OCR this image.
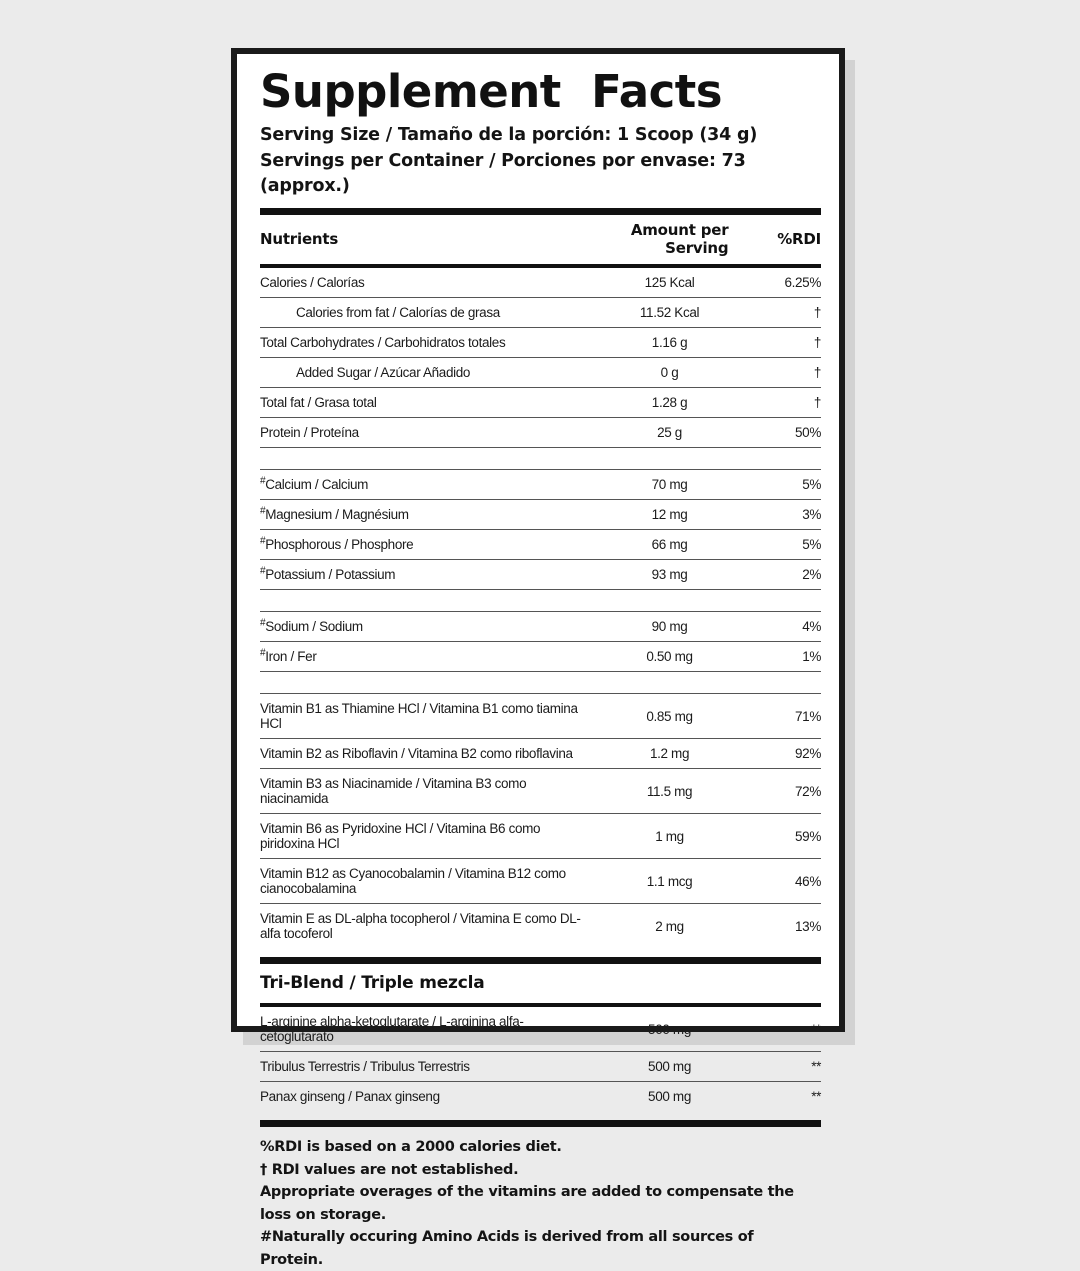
Supplement  Facts
Serving Size / Tamaño de la porción: 1 Scoop (34 g)
Servings per Container / Porciones por envase: 73 (approx.)
Nutrients	Amount per Serving	%RDI
Calories / Calorías	125 Kcal	6.25%
Calories from fat / Calorías de grasa	11.52 Kcal	†
Total Carbohydrates / Carbohidratos totales	1.16 g	†
Added Sugar / Azúcar Añadido	0 g	†
Total fat / Grasa total	1.28 g	†
Protein / Proteína	25 g	50%

#Calcium / Calcium	70 mg	5%
#Magnesium / Magnésium	12 mg	3%
#Phosphorous / Phosphore	66 mg	5%
#Potassium / Potassium	93 mg	2%

#Sodium / Sodium	90 mg	4%
#Iron / Fer	0.50 mg	1%

Vitamin B1 as Thiamine HCl / Vitamina B1 como tiamina HCl	0.85 mg	71%
Vitamin B2 as Riboflavin / Vitamina B2 como riboflavina	1.2 mg	92%
Vitamin B3 as Niacinamide / Vitamina B3 como niacinamida	11.5 mg	72%
Vitamin B6 as Pyridoxine HCl / Vitamina B6 como piridoxina HCl	1 mg	59%
Vitamin B12 as Cyanocobalamin / Vitamina B12 como cianocobalamina	1.1 mcg	46%
Vitamin E as DL-alpha tocopherol / Vitamina E como DL-alfa tocoferol	2 mg	13%
Tri-Blend / Triple mezcla
L-arginine alpha-ketoglutarate / L-arginina alfa-cetoglutarato	500 mg	**
Tribulus Terrestris / Tribulus Terrestris	500 mg	**
Panax ginseng / Panax ginseng	500 mg	**
%RDI is based on a 2000 calories diet.
† RDI values are not established.
Appropriate overages of the vitamins are added to compensate the loss on storage.
#Naturally occuring Amino Acids is derived from all sources of Protein.
